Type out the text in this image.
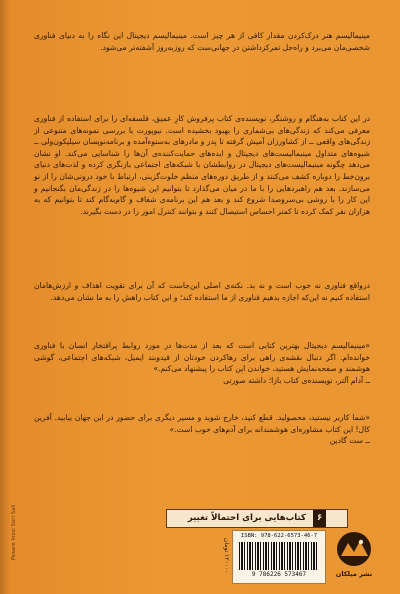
مینیمالیسم هنر درک‌کردن مقدار کافی از هر چیز است. مینیمالیسم دیجیتال این نگاه را به دنیای فناوری شخصی‌مان می‌برد و راه‌حل تمرکزداشتن در جهانی‌ست که روزبه‌روز آشفته‌تر می‌شود.

در این کتاب به‌هنگام و روشنگر، نویسنده‌ی کتاب پرفروش کارِ عمیق، فلسفه‌ای را برای استفاده از فناوری معرفی می‌کند که زندگی‌های بی‌شماری را بهبود بخشیده است. نیوپورت با بررسی نمونه‌های متنوعی از زندگی‌های واقعی ــ از کشاورزان آمیش گرفته تا پدر و مادرهای به‌ستوه‌آمده و برنامه‌نویسان سیلیکون‌ولی ــ شیوه‌های متداول مینیمالیست‌های دیجیتال و ایده‌های حمایت‌کننده‌ی آن‌ها را شناسایی می‌کند. او نشان می‌دهد چگونه مینیمالیست‌های دیجیتال در روابطشان با شبکه‌های اجتماعی بازنگری کرده و لذت‌های دنیای برون‌خط را دوباره کشف می‌کنند و از طریق دوره‌های منظم خلوت‌گزینی، ارتباط با خود درونی‌شان را از نو می‌سازند. بعد هم راهبردهایی را با ما در میان می‌گذارد تا بتوانیم این شیوه‌ها را در زندگی‌مان بگنجانیم و این کار را با روشی بی‌سروصدا شروع کند و بعد هم این برنامه‌ی شفاف و گام‌به‌گام کند تا بتوانیم که به هزاران نفر کمک کرده تا کمتر احساس استیصال کنند و بتوانند کنترل امور را در دست بگیرند.

درواقع فناوری نه خوب است و نه بد. نکته‌ی اصلی این‌جاست که آن برای تقویت اهداف و ارزش‌هامان استفاده کنیم نه این‌که اجازه بدهیم فناوری از ما استفاده کند؛ و این کتاب راهش را به ما نشان می‌دهد.

«مینیمالیسم دیجیتال بهترین کتابی است که بعد از مدت‌ها در مورد روابط پرافتخار انسان با فناوری خوانده‌ام. اگر دنبال نقشه‌ی راهی برای رهاکردن خودتان از قیدوبند ایمیل، شبکه‌های اجتماعی، گوشی هوشمند و صفحه‌نمایش هستید، خواندن این کتاب را پیشنهاد می‌کنم.»

ــ آدام آلتر، نویسنده‌ی کتاب بازا؛ داشته صورتی

«شما کاربر نیستید، محصولید. قطع کنید، خارج شوید و مسیر دیگری برای حضور در این جهان بیابید. آفرین کال! این کتاب مشاوره‌ای هوشمندانه برای آدم‌های خوب است.»

ــ ست گادین
۶ کتاب‌هایی برای احتمالاً تغییر
۱۲۰۰۰۰ تومان
ISBN: 978-622-6573-46-7
9 786226 573467	نشر میلکان
Pesare Inssi Sorl Sali
